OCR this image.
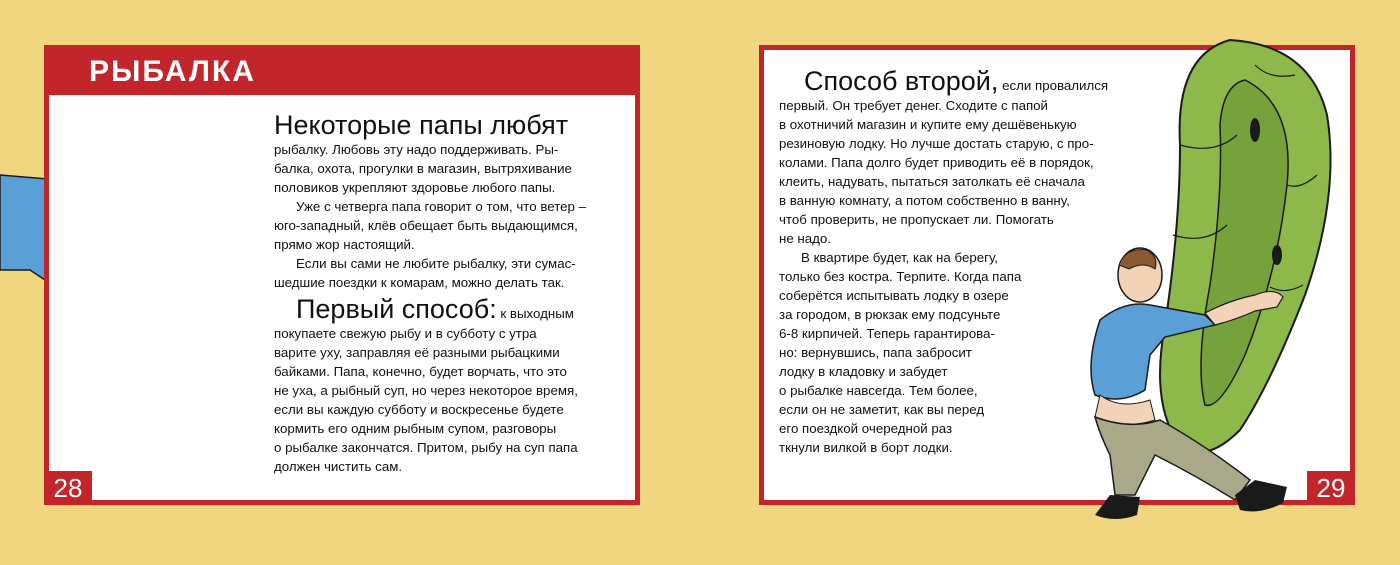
РЫБАЛКА

Некоторые папы любят

рыбалку. Любовь эту надо поддерживать. Ры-

балка, охота, прогулки в магазин, вытряхивание

половиков укрепляют здоровье любого папы.

Уже с четверга папа говорит о том, что ветер –

юго-западный, клёв обещает быть выдающимся,

прямо жор настоящий.

Если вы сами не любите рыбалку, эти сумас-

шедшие поездки к комарам, можно делать так.

Первый способ: к выходным

покупаете свежую рыбу и в субботу с утра

варите уху, заправляя её разными рыбацкими

байками. Папа, конечно, будет ворчать, что это

не уха, а рыбный суп, но через некоторое время,

если вы каждую субботу и воскресенье будете

кормить его одним рыбным супом, разговоры

о рыбалке закончатся. Притом, рыбу на суп папа

должен чистить сам.

28

Способ второй, если провалился

первый. Он требует денег. Сходите с папой

в охотничий магазин и купите ему дешёвенькую

резиновую лодку. Но лучше достать старую, с про-

колами. Папа долго будет приводить её в порядок,

клеить, надувать, пытаться затолкать её сначала

в ванную комнату, а потом собственно в ванну,

чтоб проверить, не пропускает ли. Помогать

не надо.

В квартире будет, как на берегу,

только без костра. Терпите. Когда папа

соберётся испытывать лодку в озере

за городом, в рюкзак ему подсуньте

6-8 кирпичей. Теперь гарантирова-

но: вернувшись, папа забросит

лодку в кладовку и забудет

о рыбалке навсегда. Тем более,

если он не заметит, как вы перед

его поездкой очередной раз

ткнули вилкой в борт лодки.

29
